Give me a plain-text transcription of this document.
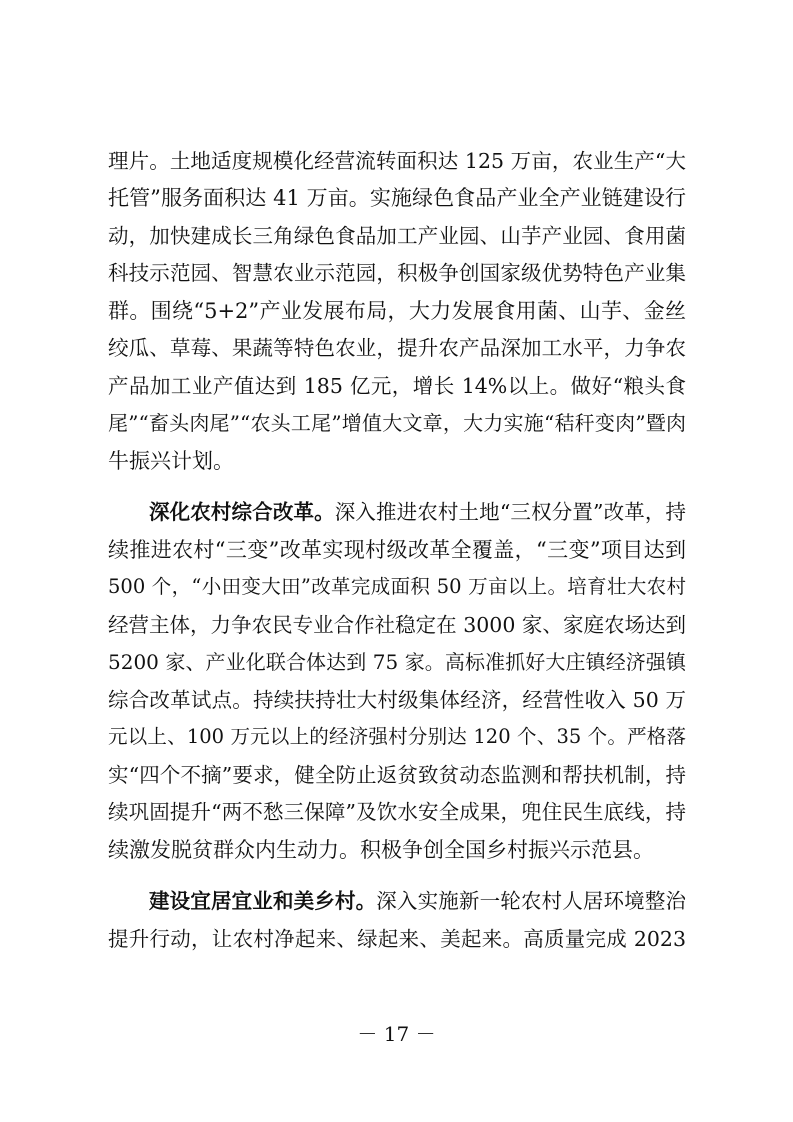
理片。土地适度规模化经营流转面积达 125 万亩，农业生产“大
托管”服务面积达 41 万亩。实施绿色食品产业全产业链建设行
动，加快建成长三角绿色食品加工产业园、山芋产业园、食用菌
科技示范园、智慧农业示范园，积极争创国家级优势特色产业集
群。围绕“5+2”产业发展布局，大力发展食用菌、山芋、金丝
绞瓜、草莓、果蔬等特色农业，提升农产品深加工水平，力争农
产品加工业产值达到 185 亿元，增长 14%以上。做好“粮头食
尾”“畜头肉尾”“农头工尾”增值大文章，大力实施“秸秆变肉”暨肉
牛振兴计划。
深化农村综合改革。深入推进农村土地“三权分置”改革，持
续推进农村“三变”改革实现村级改革全覆盖，“三变”项目达到
500 个，“小田变大田”改革完成面积 50 万亩以上。培育壮大农村
经营主体，力争农民专业合作社稳定在 3000 家、家庭农场达到
5200 家、产业化联合体达到 75 家。高标准抓好大庄镇经济强镇
综合改革试点。持续扶持壮大村级集体经济，经营性收入 50 万
元以上、100 万元以上的经济强村分别达 120 个、35 个。严格落
实“四个不摘”要求，健全防止返贫致贫动态监测和帮扶机制，持
续巩固提升“两不愁三保障”及饮水安全成果，兜住民生底线，持
续激发脱贫群众内生动力。积极争创全国乡村振兴示范县。
建设宜居宜业和美乡村。深入实施新一轮农村人居环境整治
提升行动，让农村净起来、绿起来、美起来。高质量完成 2023
－ 17 －
